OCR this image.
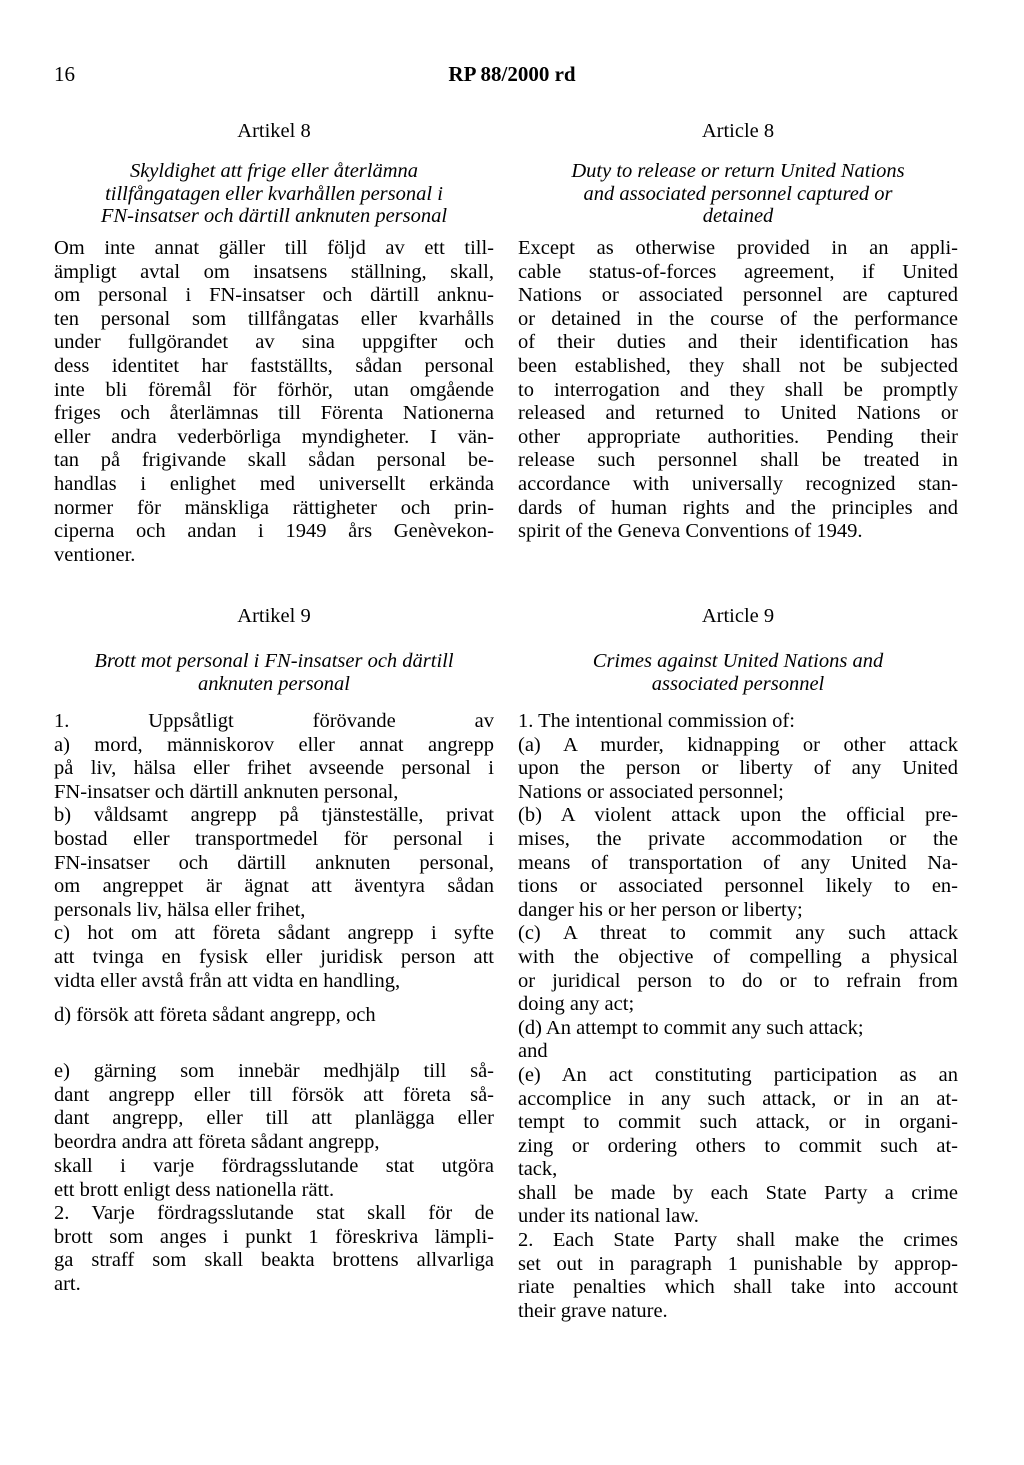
16	RP 88/2000 rd
Artikel 8
Skyldighet att frige eller återlämna
tillfångatagen eller kvarhållen personal i
FN-insatser och därtill anknuten personal
Om inte annat gäller till följd av ett till-
ämpligt avtal om insatsens ställning, skall,
om personal i FN-insatser och därtill anknu-
ten personal som tillfångatas eller kvarhålls
under fullgörandet av sina uppgifter och
dess identitet har fastställts, sådan personal
inte bli föremål för förhör, utan omgående
friges och återlämnas till Förenta Nationerna
eller andra vederbörliga myndigheter. I vän-
tan på frigivande skall sådan personal be-
handlas i enlighet med universellt erkända
normer för mänskliga rättigheter och prin-
ciperna och andan i 1949 års Genèvekon-
ventioner.
Artikel 9
Brott mot personal i FN-insatser och därtill
anknuten personal
1. Uppsåtligt förövande av
a) mord, människorov eller annat angrepp
på liv, hälsa eller frihet avseende personal i
FN-insatser och därtill anknuten personal,
b) våldsamt angrepp på tjänsteställe, privat
bostad eller transportmedel för personal i
FN-insatser och därtill anknuten personal,
om angreppet är ägnat att äventyra sådan
personals liv, hälsa eller frihet,
c) hot om att företa sådant angrepp i syfte
att tvinga en fysisk eller juridisk person att
vidta eller avstå från att vidta en handling,
d) försök att företa sådant angrepp, och
e) gärning som innebär medhjälp till så-
dant angrepp eller till försök att företa så-
dant angrepp, eller till att planlägga eller
beordra andra att företa sådant angrepp,
skall i varje fördragsslutande stat utgöra
ett brott enligt dess nationella rätt.
2. Varje fördragsslutande stat skall för de
brott som anges i punkt 1 föreskriva lämpli-
ga straff som skall beakta brottens allvarliga
art.
Article 8
Duty to release or return United Nations
and associated personnel captured or
detained
Except as otherwise provided in an appli-
cable status-of-forces agreement, if United
Nations or associated personnel are captured
or detained in the course of the performance
of their duties and their identification has
been established, they shall not be subjected
to interrogation and they shall be promptly
released and returned to United Nations or
other appropriate authorities. Pending their
release such personnel shall be treated in
accordance with universally recognized stan-
dards of human rights and the principles and
spirit of the Geneva Conventions of 1949.
Article 9
Crimes against United Nations and
associated personnel
1. The intentional commission of:
(a) A murder, kidnapping or other attack
upon the person or liberty of any United
Nations or associated personnel;
(b) A violent attack upon the official pre-
mises, the private accommodation or the
means of transportation of any United Na-
tions or associated personnel likely to en-
danger his or her person or liberty;
(c) A threat to commit any such attack
with the objective of compelling a physical
or juridical person to do or to refrain from
doing any act;
(d) An attempt to commit any such attack;
and
(e) An act constituting participation as an
accomplice in any such attack, or in an at-
tempt to commit such attack, or in organi-
zing or ordering others to commit such at-
tack,
shall be made by each State Party a crime
under its national law.
2. Each State Party shall make the crimes
set out in paragraph 1 punishable by approp-
riate penalties which shall take into account
their grave nature.
